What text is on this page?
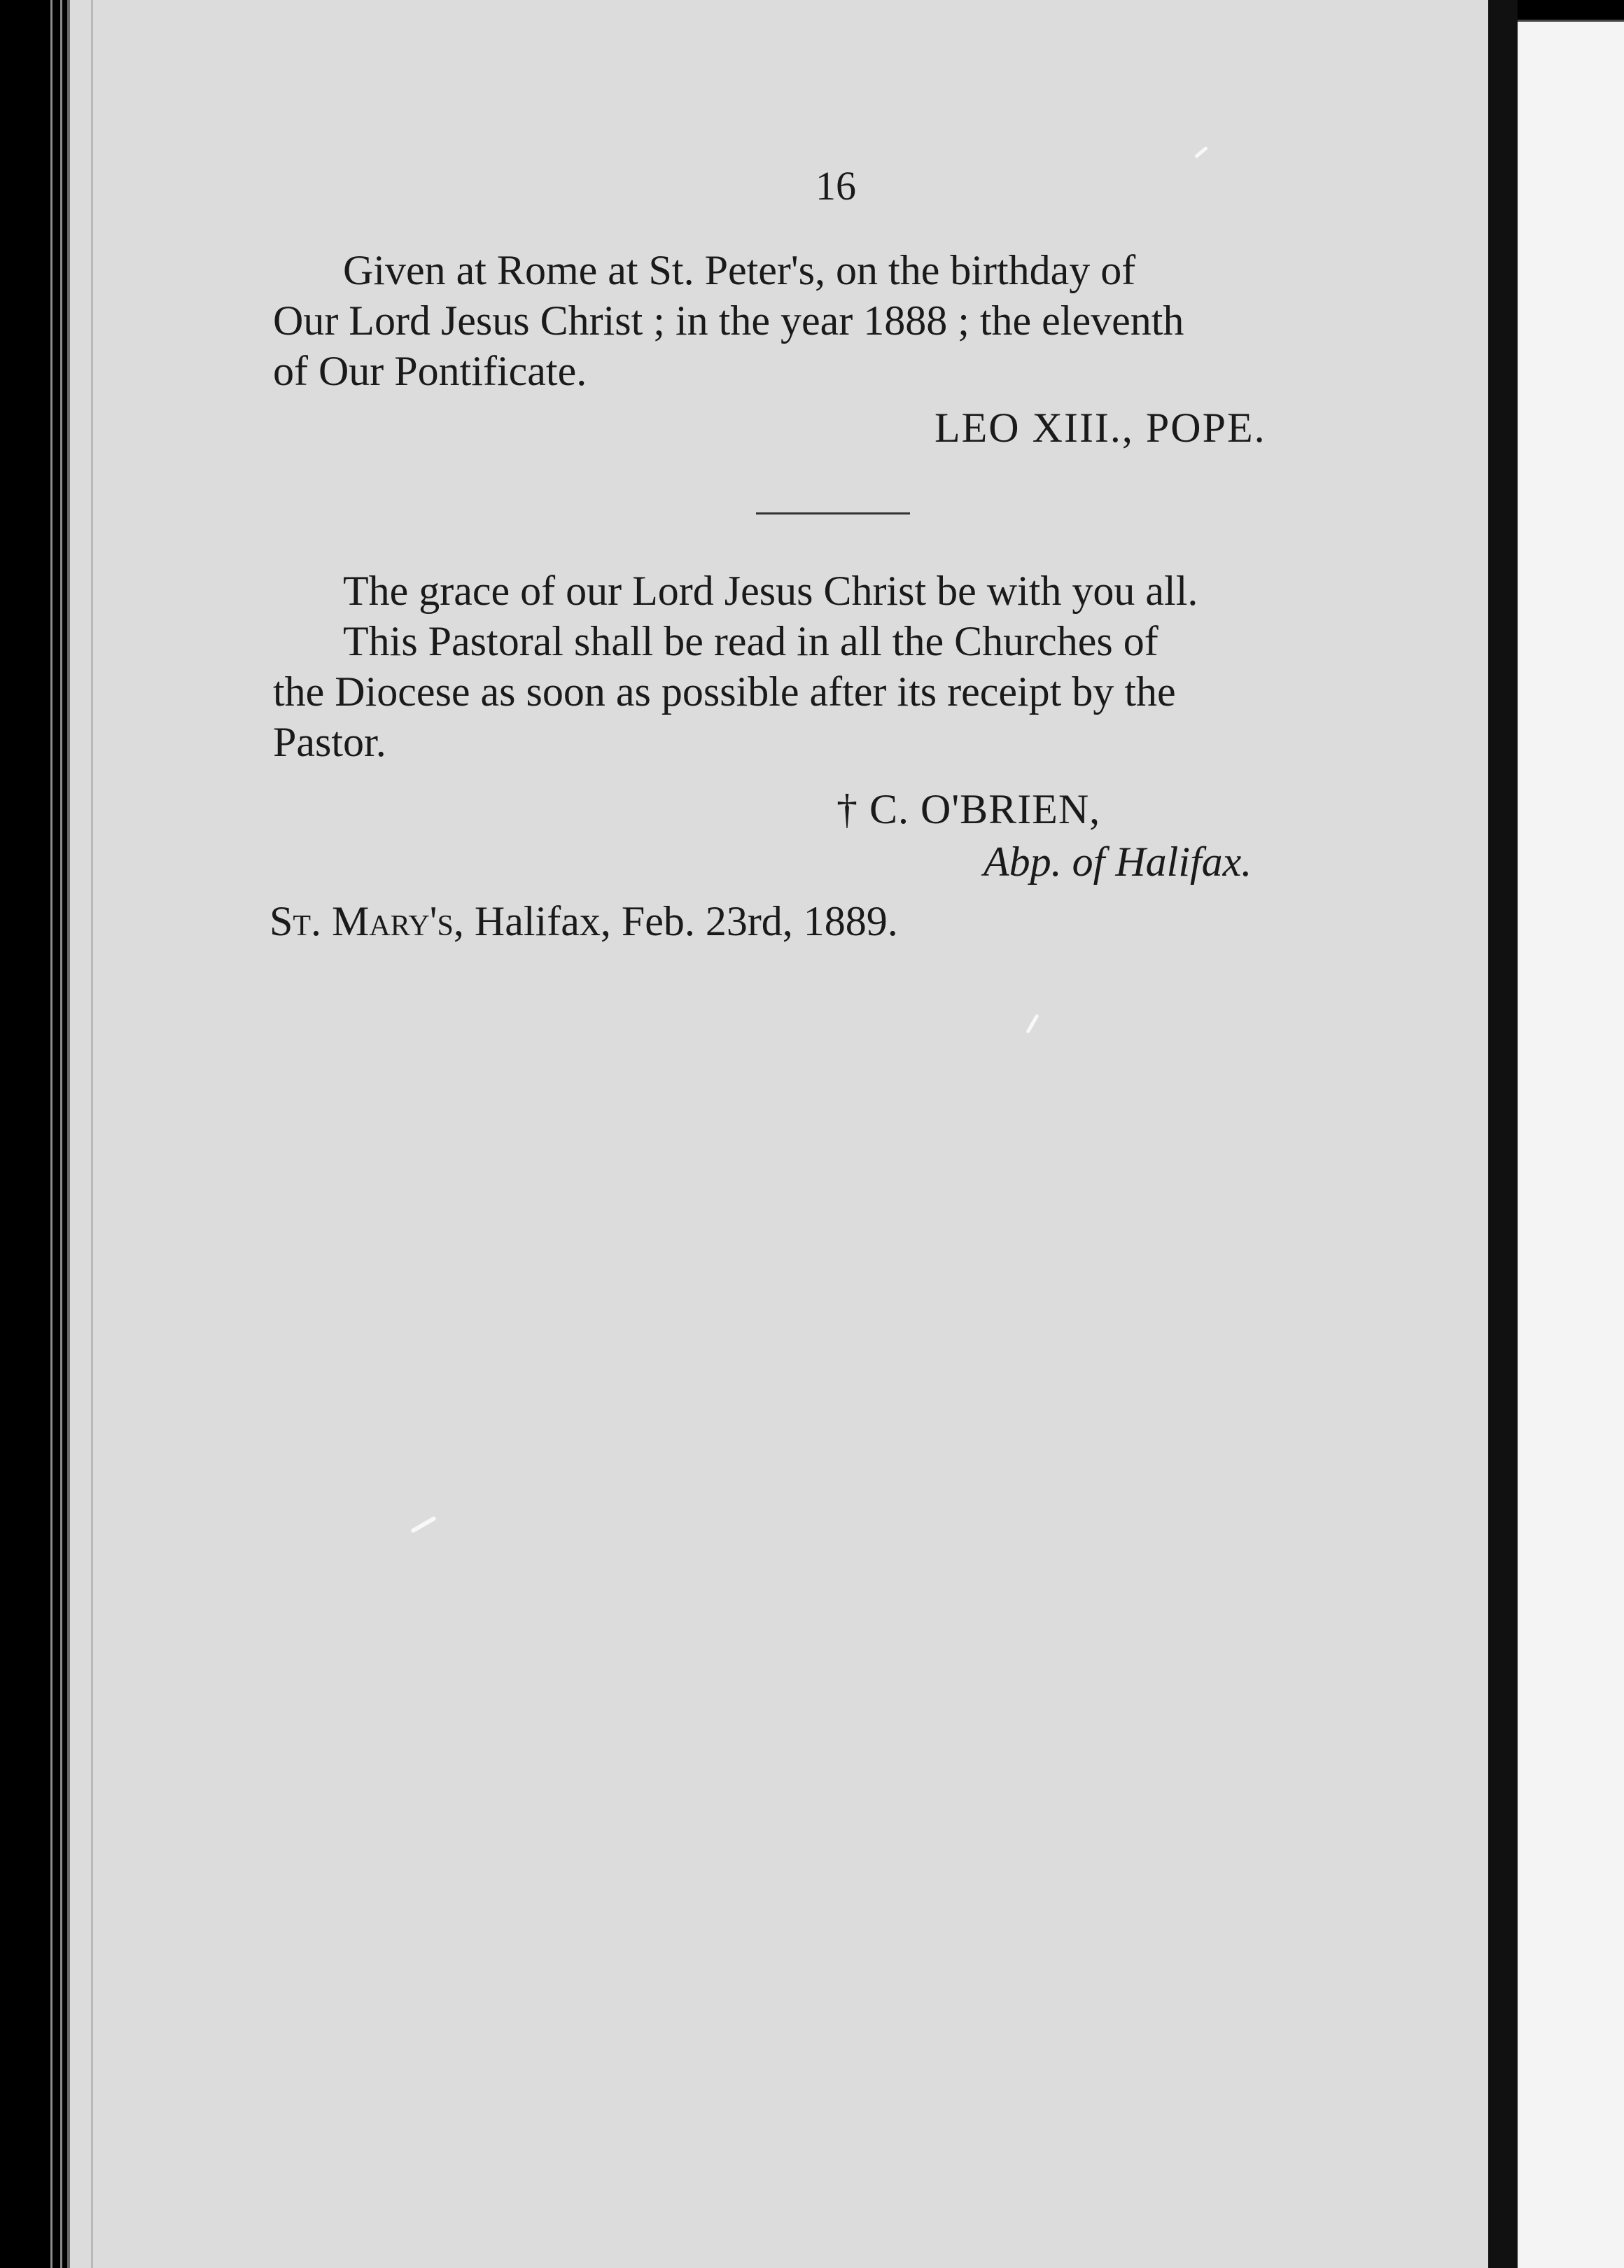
16
Given at Rome at St. Peter's, on the birthday of
Our Lord Jesus Christ ; in the year 1888 ; the eleventh
of Our Pontificate.
LEO XIII., POPE.
The grace of our Lord Jesus Christ be with you all.
This Pastoral shall be read in all the Churches of
the Diocese as soon as possible after its receipt by the
Pastor.
† C. O'BRIEN,
Abp. of Halifax.
St. Mary's, Halifax, Feb. 23rd, 1889.
